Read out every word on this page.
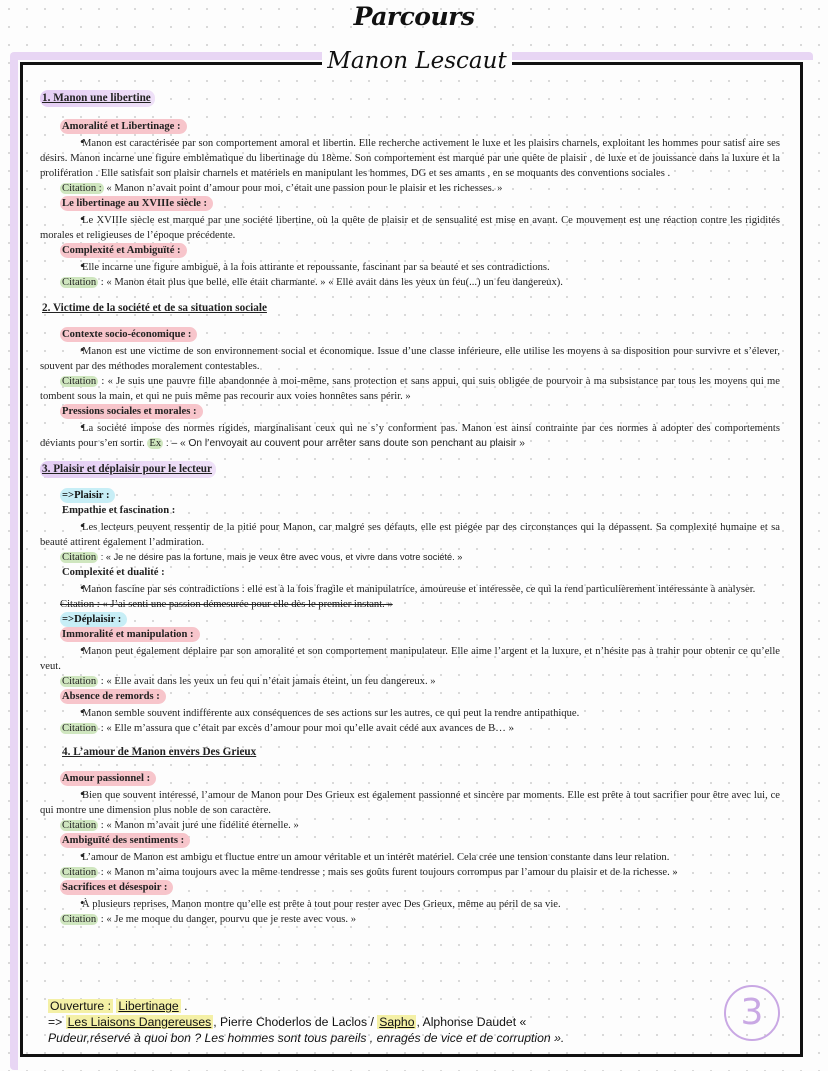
Parcours
Manon Lescaut
1. Manon une libertine
Amoralité et Libertinage :
• Manon est caractérisée par son comportement amoral et libertin. Elle recherche activement le luxe et les plaisirs charnels, exploitant les hommes pour satisf aire ses désirs. Manon incarne une figure emblématique du libertinage du 18ème. Son comportement est marqué par une quête de plaisir , de luxe et de jouissance dans la luxure et la prolifération . Elle satisfait son plaisir charnels et matériels en manipulant les hommes, DG et ses amants , en se moquants des conventions sociales .
Citation : « Manon n’avait point d’amour pour moi, c’était une passion pour le plaisir et les richesses. »
Le libertinage au XVIIIe siècle :
• Le XVIIIe siècle est marqué par une société libertine, où la quête de plaisir et de sensualité est mise en avant. Ce mouvement est une réaction contre les rigidités morales et religieuses de l’époque précédente.
Complexité et Ambiguïté :
• Elle incarne une figure ambiguë, à la fois attirante et repoussante, fascinant par sa beauté et ses contradictions.
Citation : « Manon était plus que belle, elle était charmante. » « Elle avait dans les yeux un feu(...) un feu dangereux).
2. Victime de la société et de sa situation sociale
Contexte socio-économique :
• Manon est une victime de son environnement social et économique. Issue d’une classe inférieure, elle utilise les moyens à sa disposition pour survivre et s’élever, souvent par des méthodes moralement contestables.
Citation : « Je suis une pauvre fille abandonnée à moi-même, sans protection et sans appui, qui suis obligée de pourvoir à ma subsistance par tous les moyens qui me tombent sous la main, et qui ne puis même pas recourir aux voies honnêtes sans périr. »
Pressions sociales et morales :
• La société impose des normes rigides, marginalisant ceux qui ne s’y conforment pas. Manon est ainsi contrainte par ces normes à adopter des comportements déviants pour s’en sortir. Ex : – « On l’envoyait au couvent pour arrêter sans doute son penchant au plaisir »
3. Plaisir et déplaisir pour le lecteur
=>Plaisir :
Empathie et fascination :
• Les lecteurs peuvent ressentir de la pitié pour Manon, car malgré ses défauts, elle est piégée par des circonstances qui la dépassent. Sa complexité humaine et sa beauté attirent également l’admiration.
Citation : « Je ne désire pas la fortune, mais je veux être avec vous, et vivre dans votre société. »
Complexité et dualité :
• Manon fascine par ses contradictions : elle est à la fois fragile et manipulatrice, amoureuse et intéressée, ce qui la rend particulièrement intéressante à analyser.
Citation : « J’ai senti une passion démesurée pour elle dès le premier instant. »
=>Déplaisir :
Immoralité et manipulation :
• Manon peut également déplaire par son amoralité et son comportement manipulateur. Elle aime l’argent et la luxure, et n’hésite pas à trahir pour obtenir ce qu’elle veut.
Citation : « Elle avait dans les yeux un feu qui n’était jamais éteint, un feu dangereux. »
Absence de remords :
• Manon semble souvent indifférente aux conséquences de ses actions sur les autres, ce qui peut la rendre antipathique.
Citation : « Elle m’assura que c’était par excès d’amour pour moi qu’elle avait cédé aux avances de B… »
4. L’amour de Manon envers Des Grieux
Amour passionnel :
• Bien que souvent intéressé, l’amour de Manon pour Des Grieux est également passionné et sincère par moments. Elle est prête à tout sacrifier pour être avec lui, ce qui montre une dimension plus noble de son caractère.
Citation : « Manon m’avait juré une fidélité éternelle. »
Ambiguïté des sentiments :
• L’amour de Manon est ambigu et fluctue entre un amour véritable et un intérêt matériel. Cela crée une tension constante dans leur relation.
Citation : « Manon m’aima toujours avec la même tendresse ; mais ses goûts furent toujours corrompus par l’amour du plaisir et de la richesse. »
Sacrifices et désespoir :
• À plusieurs reprises, Manon montre qu’elle est prête à tout pour rester avec Des Grieux, même au péril de sa vie.
Citation : « Je me moque du danger, pourvu que je reste avec vous. »
Ouverture : Libertinage .
=> Les Liaisons Dangereuses , Pierre Choderlos de Laclos / Sapho , Alphonse Daudet «
Pudeur,réservé à quoi bon ? Les hommes sont tous pareils , enragés de vice et de corruption ».
3
